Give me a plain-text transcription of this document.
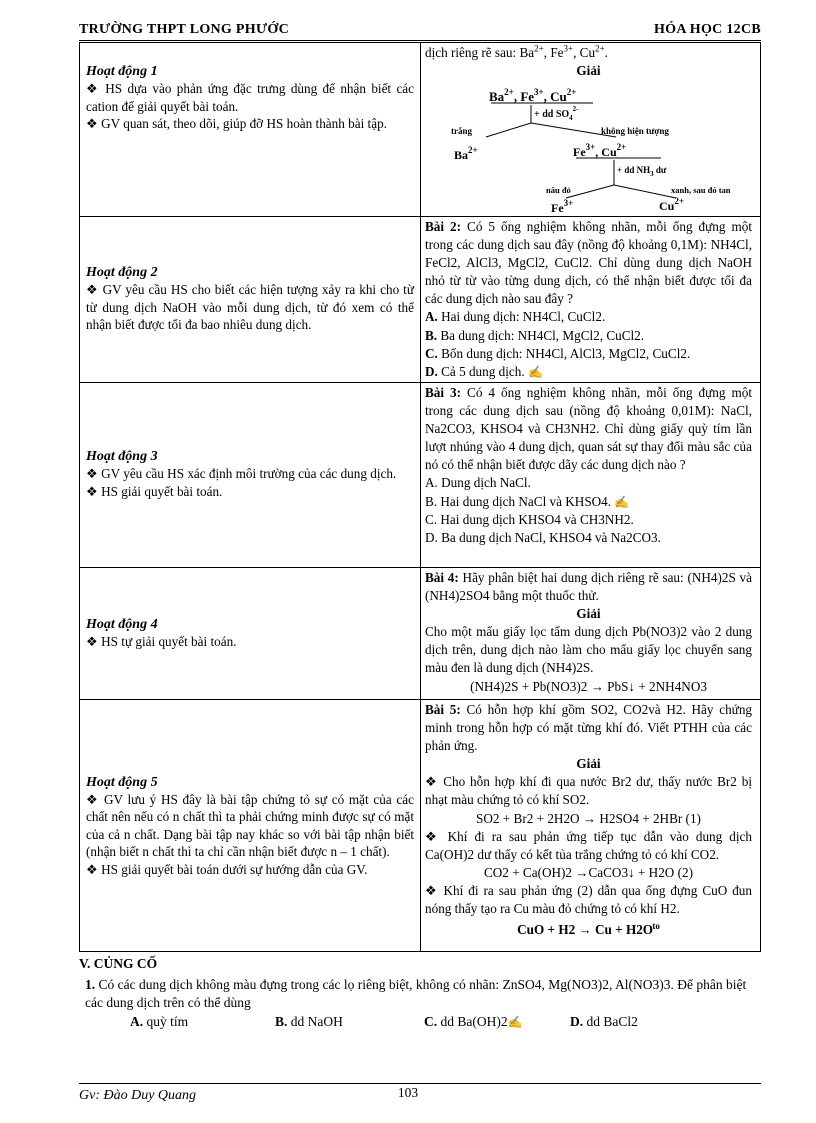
TRƯỜNG THPT LONG PHƯỚC	HÓA HỌC 12CB
Hoạt động 1
❖ HS dựa vào phản ứng đặc trưng dùng để nhận biết các cation để giải quyết bài toán.
❖ GV quan sát, theo dõi, giúp đỡ HS hoàn thành bài tập.
dịch riêng rẽ sau: $Ba^{2+}$, $Fe^{3+}$, $Cu^{2+}$.
Giải
$Ba^{2+}$, $Fe^{3+}$, $Cu^{2+}$
+ dd $SO_4^{2-}$
trắng	không hiện tượng
$Ba^{2+}$	$Fe^{3+}$, $Cu^{2+}$
+ dd $NH_3$ dư
nâu đỏ	xanh, sau đó tan
$Fe^{3+}$	$Cu^{2+}$
Hoạt động 2
❖ GV yêu cầu HS cho biết các hiện tượng xảy ra khi cho từ từ dung dịch NaOH vào mỗi dung dịch, từ đó xem có thể nhận biết được tối đa bao nhiêu dung dịch.
Bài 2: Có 5 ống nghiệm không nhãn, mỗi ống đựng một trong các dung dịch sau đây (nồng độ khoảng 0,1M): NH4Cl, FeCl2, AlCl3, MgCl2, CuCl2. Chỉ dùng dung dịch NaOH nhỏ từ từ vào từng dung dịch, có thể nhận biết được tối đa các dung dịch nào sau đây ?
A. Hai dung dịch: NH4Cl, CuCl2.
B. Ba dung dịch: NH4Cl, MgCl2, CuCl2.
C. Bốn dung dịch: NH4Cl, AlCl3, MgCl2, CuCl2.
D. Cả 5 dung dịch. ✍
Hoạt động 3
❖ GV yêu cầu HS xác định môi trường của các dung dịch.
❖ HS giải quyết bài toán.
Bài 3: Có 4 ống nghiệm không nhãn, mỗi ống đựng một trong các dung dịch sau (nồng độ khoảng 0,01M): NaCl, Na2CO3, KHSO4 và CH3NH2. Chỉ dùng giấy quỳ tím lần lượt nhúng vào 4 dung dịch, quan sát sự thay đổi màu sắc của nó có thể nhận biết được dãy các dung dịch nào ?
A. Dung dịch NaCl.
B. Hai dung dịch NaCl và KHSO4. ✍
C. Hai dung dịch KHSO4 và CH3NH2.
D. Ba dung dịch NaCl, KHSO4 và Na2CO3.
Hoạt động 4
❖ HS tự giải quyết bài toán.
Bài 4: Hãy phân biệt hai dung dịch riêng rẽ sau: (NH4)2S và (NH4)2SO4 bằng một thuốc thử.
Giải
Cho một mẩu giấy lọc tẩm dung dịch Pb(NO3)2 vào 2 dung dịch trên, dung dịch nào làm cho mẩu giấy lọc chuyển sang màu đen là dung dịch (NH4)2S.
(NH4)2S + Pb(NO3)2 → PbS↓ + 2NH4NO3
Hoạt động 5
❖ GV lưu ý HS đây là bài tập chứng tỏ sự có mặt của các chất nên nếu có n chất thì ta phải chứng minh được sự có mặt của cả n chất. Dạng bài tập nay khác so với bài tập nhận biết (nhận biết n chất thì ta chỉ cần nhận biết được n – 1 chất).
❖ HS giải quyết bài toán dưới sự hướng dẫn của GV.
Bài 5: Có hỗn hợp khí gồm SO2, CO2và H2. Hãy chứng minh trong hỗn hợp có mặt từng khí đó. Viết PTHH của các phản ứng.
Giải
❖ Cho hỗn hợp khí đi qua nước Br2 dư, thấy nước Br2 bị nhạt màu chứng tỏ có khí SO2.
SO2 + Br2 + 2H2O → H2SO4 + 2HBr (1)
❖ Khí đi ra sau phản ứng tiếp tục dẫn vào dung dịch Ca(OH)2 dư thấy có kết tủa trắng chứng tỏ có khí CO2.
CO2 + Ca(OH)2 →CaCO3↓ + H2O (2)
❖ Khí đi ra sau phản ứng (2) dẫn qua ống đựng CuO đun nóng thấy tạo ra Cu màu đỏ chứng tỏ có khí H2.
CuO + H2 → Cu + H2O $^{to}$
V. CỦNG CỐ
1. Có các dung dịch không màu đựng trong các lọ riêng biệt, không có nhãn: ZnSO4, Mg(NO3)2, Al(NO3)3. Để phân biệt các dung dịch trên có thể dùng
A. quỳ tím	B. dd NaOH	C. dd Ba(OH)2✍	D. dd BaCl2
103
Gv: Đào Duy Quang
